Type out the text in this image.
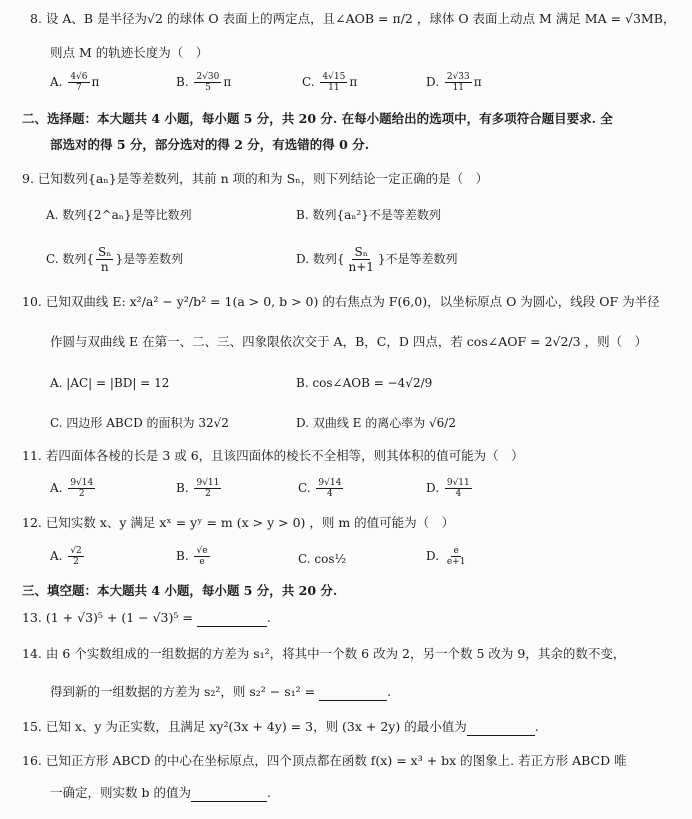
8. 设 A、B 是半径为√2 的球体 O 表面上的两定点，且∠AOB = π/2 ，球体 O 表面上动点 M 满足 MA = √3MB，
则点 M 的轨迹长度为（　）
A. $\frac{4√6}{7}$ π	B. $\frac{2√30}{5}$ π	C. $\frac{4√15}{11}$ π	D. $\frac{2√33}{11}$ π
二、选择题：本大题共 4 小题，每小题 5 分，共 20 分. 在每小题给出的选项中，有多项符合题目要求. 全
部选对的得 5 分，部分选对的得 2 分，有选错的得 0 分.
9. 已知数列{aₙ}是等差数列，其前 n 项的和为 Sₙ，则下列结论一定正确的是（　）
A. 数列{2^aₙ}是等比数列	B. 数列{aₙ²}不是等差数列
C. 数列{ $\frac{\text{Sₙ}}{n}$ }是等差数列	D. 数列{ $\frac{\text{Sₙ}}{n+1}$ }不是等差数列
10. 已知双曲线 E: x²/a² − y²/b² = 1(a > 0, b > 0) 的右焦点为 F(6,0)，以坐标原点 O 为圆心，线段 OF 为半径
作圆与双曲线 E 在第一、二、三、四象限依次交于 A，B，C，D 四点，若 cos∠AOF = 2√2/3 ，则（　）
A. |AC| = |BD| = 12	B. cos∠AOB = −4√2/9
C. 四边形 ABCD 的面积为 32√2	D. 双曲线 E 的离心率为 √6/2
11. 若四面体各棱的长是 3 或 6，且该四面体的棱长不全相等，则其体积的值可能为（　）
A. $\frac{9√14}{2}$	B. $\frac{9√11}{2}$	C. $\frac{9√14}{4}$	D. $\frac{9√11}{4}$
12. 已知实数 x、y 满足 xˣ = yʸ = m (x > y > 0) ，则 m 的值可能为（　）
A. $\frac{√2}{2}$	B. $\frac{√e}{e}$	C. cos½	D. $\frac{e}{e+1}$
三、填空题：本大题共 4 小题，每小题 5 分，共 20 分.
13. (1 + √3)⁵ + (1 − √3)⁵ =	.
14. 由 6 个实数组成的一组数据的方差为 s₁²，将其中一个数 6 改为 2，另一个数 5 改为 9，其余的数不变，
得到新的一组数据的方差为 s₂²，则 s₂² − s₁² =	.
15. 已知 x、y 为正实数，且满足 xy²(3x + 4y) = 3，则 (3x + 2y) 的最小值为	.
16. 已知正方形 ABCD 的中心在坐标原点，四个顶点都在函数 f(x) = x³ + bx 的图象上. 若正方形 ABCD 唯
一确定，则实数 b 的值为	.
